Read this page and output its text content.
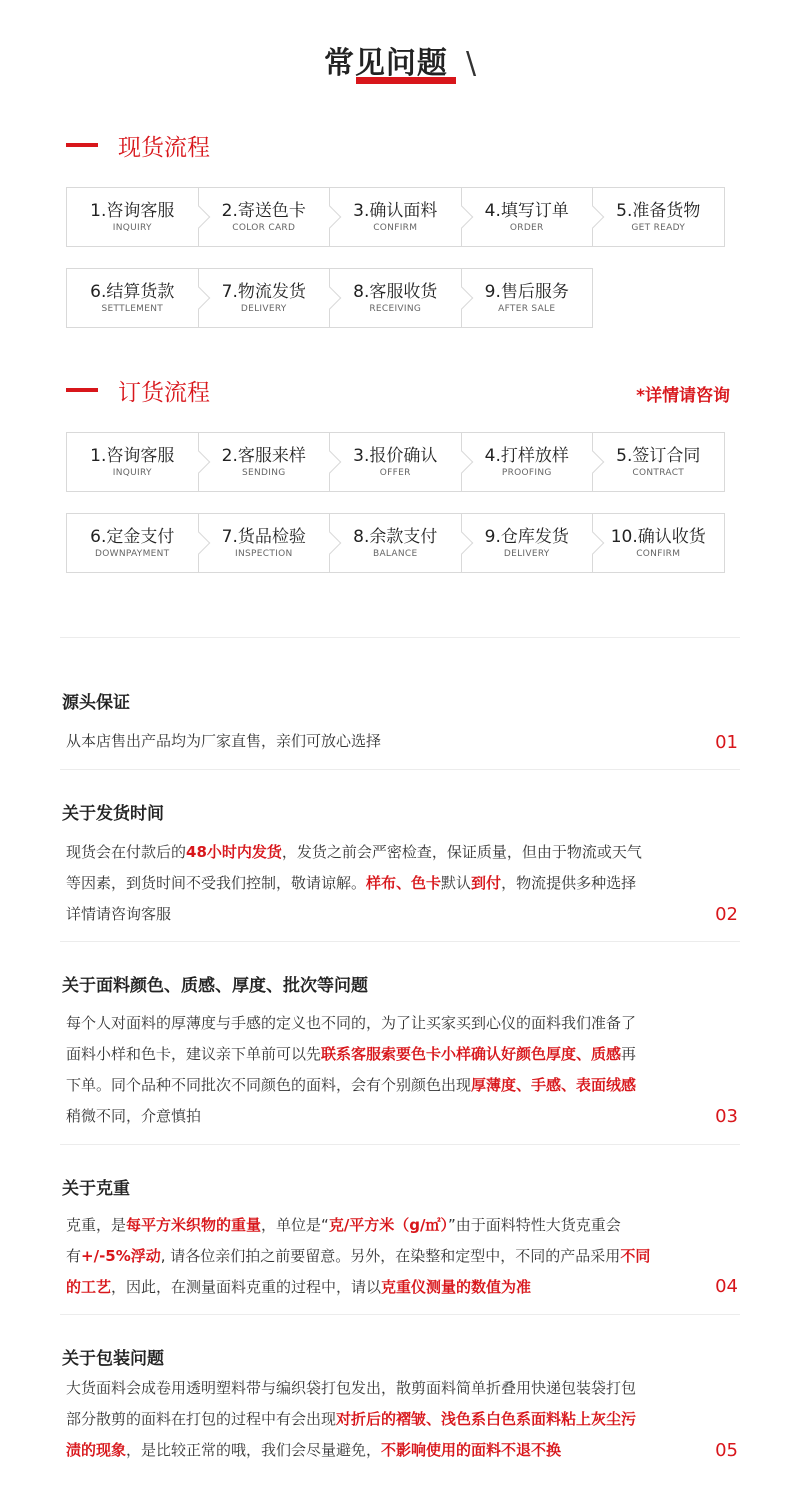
常见问题 \
现货流程
1.咨询客服
INQUIRY
2.寄送色卡
COLOR CARD
3.确认面料
CONFIRM
4.填写订单
ORDER
5.准备货物
GET READY
6.结算货款
SETTLEMENT
7.物流发货
DELIVERY
8.客服收货
RECEIVING
9.售后服务
AFTER SALE
订货流程	*详情请咨询
1.咨询客服
INQUIRY
2.客服来样
SENDING
3.报价确认
OFFER
4.打样放样
PROOFING
5.签订合同
CONTRACT
6.定金支付
DOWNPAYMENT
7.货品检验
INSPECTION
8.余款支付
BALANCE
9.仓库发货
DELIVERY
10.确认收货
CONFIRM
源头保证
从本店售出产品均为厂家直售，亲们可放心选择	01
关于发货时间
现货会在付款后的48小时内发货，发货之前会严密检查，保证质量，但由于物流或天气
等因素，到货时间不受我们控制，敬请谅解。样布、色卡默认到付，物流提供多种选择
详情请咨询客服	02
关于面料颜色、质感、厚度、批次等问题
每个人对面料的厚薄度与手感的定义也不同的，为了让买家买到心仪的面料我们准备了
面料小样和色卡，建议亲下单前可以先联系客服索要色卡小样确认好颜色厚度、质感再
下单。同个品种不同批次不同颜色的面料，会有个别颜色出现厚薄度、手感、表面绒感
稍微不同，介意慎拍	03
关于克重
克重，是每平方米织物的重量，单位是“克/平方米（g/㎡）”由于面料特性大货克重会
有+/-5%浮动, 请各位亲们拍之前要留意。另外，在染整和定型中，不同的产品采用不同
的工艺，因此，在测量面料克重的过程中，请以克重仪测量的数值为准	04
关于包装问题
大货面料会成卷用透明塑料带与编织袋打包发出，散剪面料简单折叠用快递包装袋打包
部分散剪的面料在打包的过程中有会出现对折后的褶皱、浅色系白色系面料粘上灰尘污
渍的现象，是比较正常的哦，我们会尽量避免，不影响使用的面料不退不换	05
